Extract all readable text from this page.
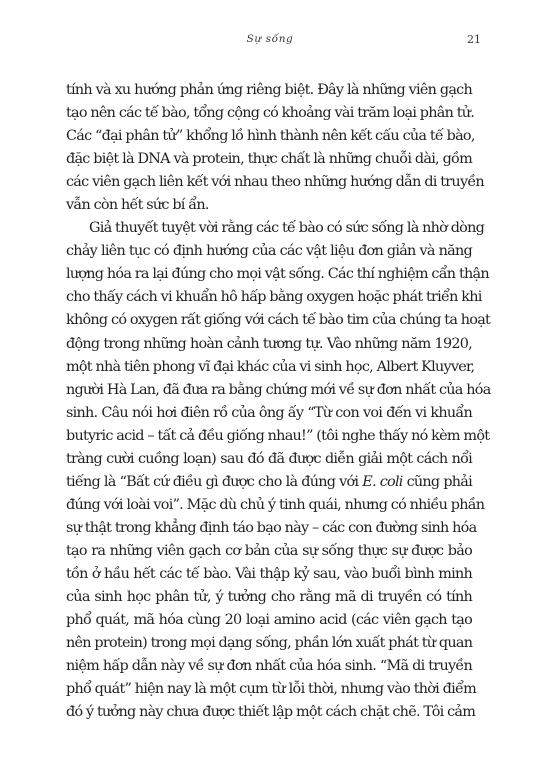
Sự sống	21
tính và xu hướng phản ứng riêng biệt. Đây là những viên gạch
tạo nên các tế bào, tổng cộng có khoảng vài trăm loại phân tử.
Các “đại phân tử” khổng lồ hình thành nên kết cấu của tế bào,
đặc biệt là DNA và protein, thực chất là những chuỗi dài, gồm
các viên gạch liên kết với nhau theo những hướng dẫn di truyền
vẫn còn hết sức bí ẩn.
Giả thuyết tuyệt vời rằng các tế bào có sức sống là nhờ dòng
chảy liên tục có định hướng của các vật liệu đơn giản và năng
lượng hóa ra lại đúng cho mọi vật sống. Các thí nghiệm cẩn thận
cho thấy cách vi khuẩn hô hấp bằng oxygen hoặc phát triển khi
không có oxygen rất giống với cách tế bào tim của chúng ta hoạt
động trong những hoàn cảnh tương tự. Vào những năm 1920,
một nhà tiên phong vĩ đại khác của vi sinh học, Albert Kluyver,
người Hà Lan, đã đưa ra bằng chứng mới về sự đơn nhất của hóa
sinh. Câu nói hơi điên rồ của ông ấy “Từ con voi đến vi khuẩn
butyric acid – tất cả đều giống nhau!” (tôi nghe thấy nó kèm một
tràng cười cuồng loạn) sau đó đã được diễn giải một cách nổi
tiếng là “Bất cứ điều gì được cho là đúng với E. coli cũng phải
đúng với loài voi”. Mặc dù chủ ý tinh quái, nhưng có nhiều phần
sự thật trong khẳng định táo bạo này – các con đường sinh hóa
tạo ra những viên gạch cơ bản của sự sống thực sự được bảo
tồn ở hầu hết các tế bào. Vài thập kỷ sau, vào buổi bình minh
của sinh học phân tử, ý tưởng cho rằng mã di truyền có tính
phổ quát, mã hóa cùng 20 loại amino acid (các viên gạch tạo
nên protein) trong mọi dạng sống, phần lớn xuất phát từ quan
niệm hấp dẫn này về sự đơn nhất của hóa sinh. “Mã di truyền
phổ quát” hiện nay là một cụm từ lỗi thời, nhưng vào thời điểm
đó ý tưởng này chưa được thiết lập một cách chặt chẽ. Tôi cảm
